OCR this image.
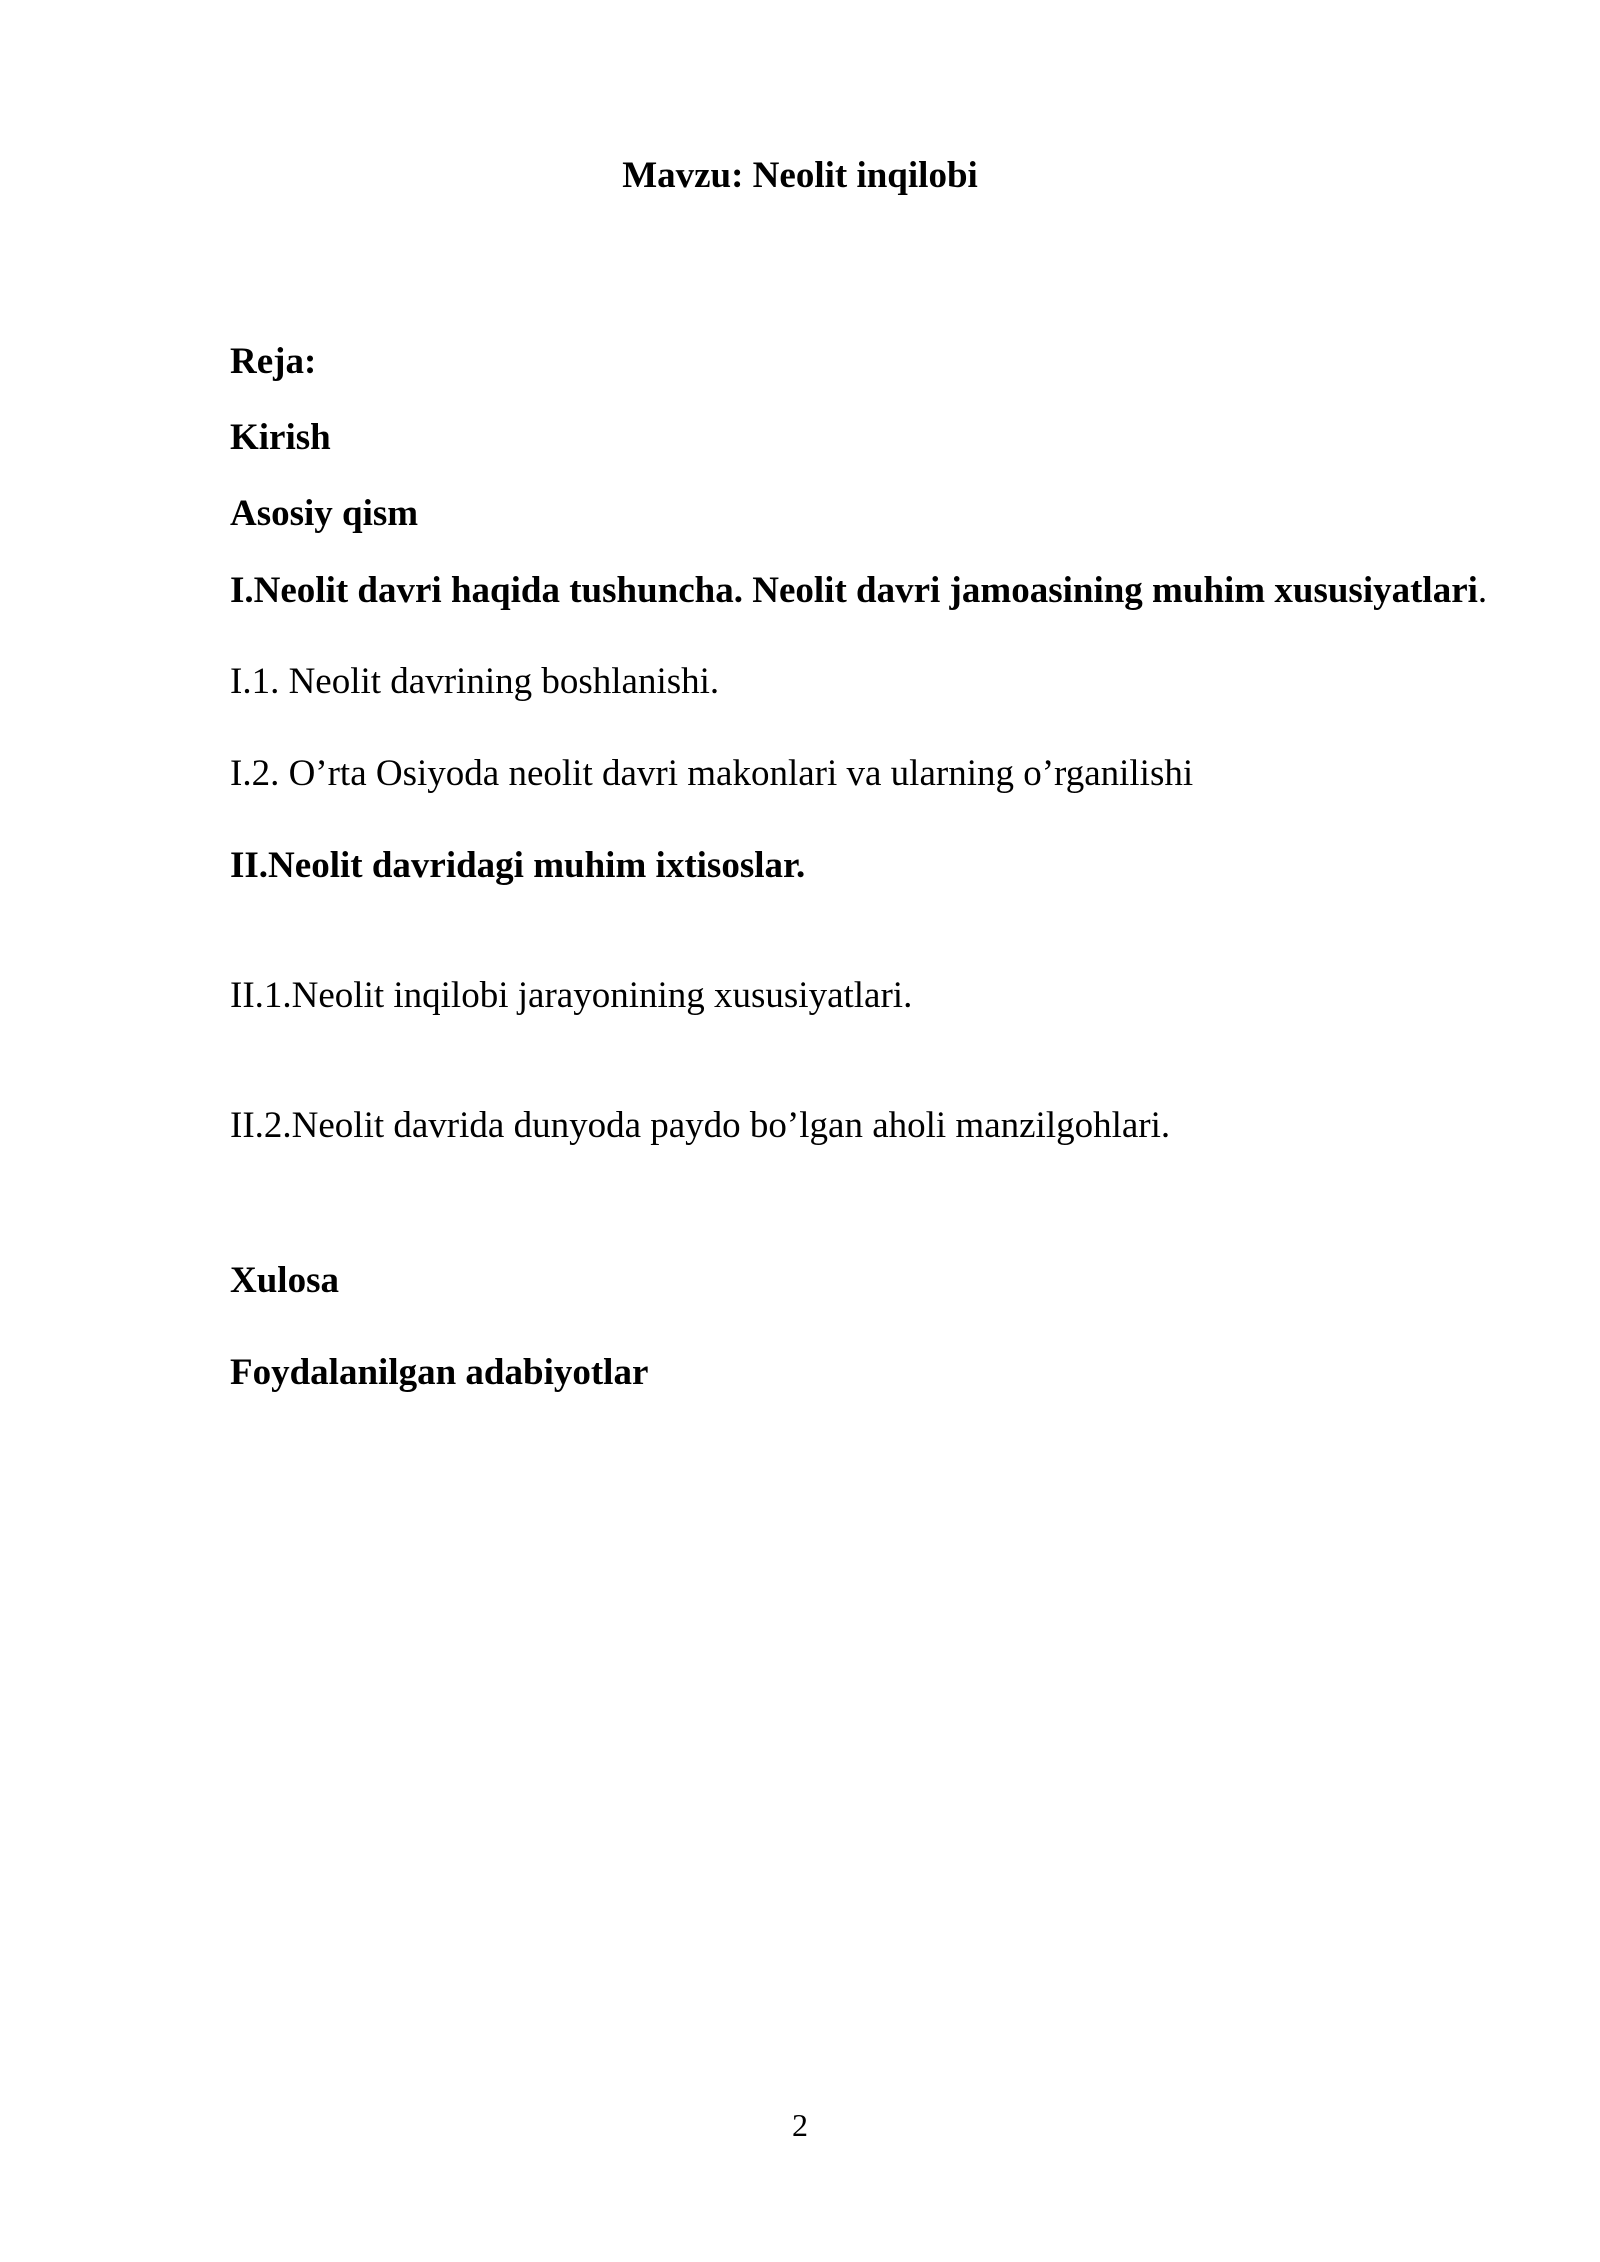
Mavzu: Neolit inqilobi

Reja:

Kirish

Asosiy qism

I.Neolit davri haqida tushuncha. Neolit davri jamoasining muhim xususiyatlari.

I.1. Neolit davrining boshlanishi.

I.2. O’rta Osiyoda neolit davri makonlari va ularning o’rganilishi

II.Neolit davridagi muhim ixtisoslar.

II.1.Neolit inqilobi jarayonining xususiyatlari.

II.2.Neolit davrida dunyoda paydo bo’lgan aholi manzilgohlari.

Xulosa

Foydalanilgan adabiyotlar

2
